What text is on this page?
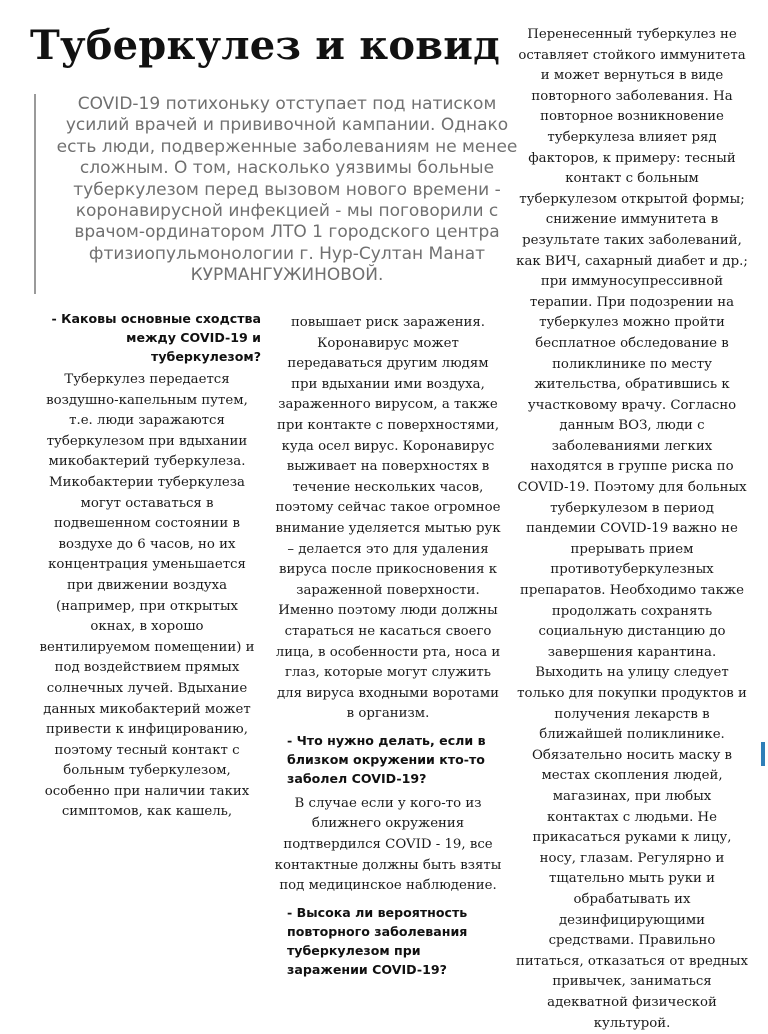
Туберкулез и ковид

COVID-19 потихоньку отступает под натиском усилий врачей и прививочной кампании. Однако есть люди, подверженные заболеваниям не менее сложным. О том, насколько уязвимы больные туберкулезом перед вызовом нового времени - коронавирусной инфекцией - мы поговорили с врачом-ординатором ЛТО 1 городского центра фтизиопульмонологии г. Нур-Султан Манат КУРМАНГУЖИНОВОЙ.

- Каковы основные сходства между COVID-19 и туберкулезом?

Туберкулез передается воздушно-капельным путем, т.е. люди заражаются туберкулезом при вдыхании микобактерий туберкулеза. Микобактерии туберкулеза могут оставаться в подвешенном состоянии в воздухе до 6 часов, но их концентрация уменьшается при движении воздуха (например, при открытых окнах, в хорошо вентилируемом помещении) и под воздействием прямых солнечных лучей. Вдыхание данных микобактерий может привести к инфицированию, поэтому тесный контакт с больным туберкулезом, особенно при наличии таких симптомов, как кашель,

повышает риск заражения. Коронавирус может передаваться другим людям при вдыхании ими воздуха, зараженного вирусом, а также при контакте с поверхностями, куда осел вирус. Коронавирус выживает на поверхностях в течение нескольких часов, поэтому сейчас такое огромное внимание уделяется мытью рук – делается это для удаления вируса после прикосновения к зараженной поверхности. Именно поэтому люди должны стараться не касаться своего лица, в особенности рта, носа и глаз, которые могут служить для вируса входными воротами в организм.

- Что нужно делать, если в близком окружении кто-то заболел COVID-19?

В случае если у кого-то из ближнего окружения подтвердился COVID - 19, все контактные должны быть взяты под медицинское наблюдение.

- Высока ли вероятность повторного заболевания туберкулезом при заражении COVID-19?

Перенесенный туберкулез не оставляет стойкого иммунитета и может вернуться в виде повторного заболевания. На повторное возникновение туберкулеза влияет ряд факторов, к примеру: тесный контакт с больным туберкулезом открытой формы; снижение иммунитета в результате таких заболеваний, как ВИЧ, сахарный диабет и др.; при иммуносупрессивной терапии. При подозрении на туберкулез можно пройти бесплатное обследование в поликлинике по месту жительства, обратившись к участковому врачу. Согласно данным ВОЗ, люди с заболеваниями легких находятся в группе риска по COVID-19. Поэтому для больных туберкулезом в период пандемии COVID-19 важно не прерывать прием противотуберкулезных препаратов. Необходимо также продолжать сохранять социальную дистанцию до завершения карантина. Выходить на улицу следует только для покупки продуктов и получения лекарств в ближайшей поликлинике. Обязательно носить маску в местах скопления людей, магазинах, при любых контактах с людьми. Не прикасаться руками к лицу, носу, глазам. Регулярно и тщательно мыть руки и обрабатывать их дезинфицирующими средствами. Правильно питаться, отказаться от вредных привычек, заниматься адекватной физической культурой.
